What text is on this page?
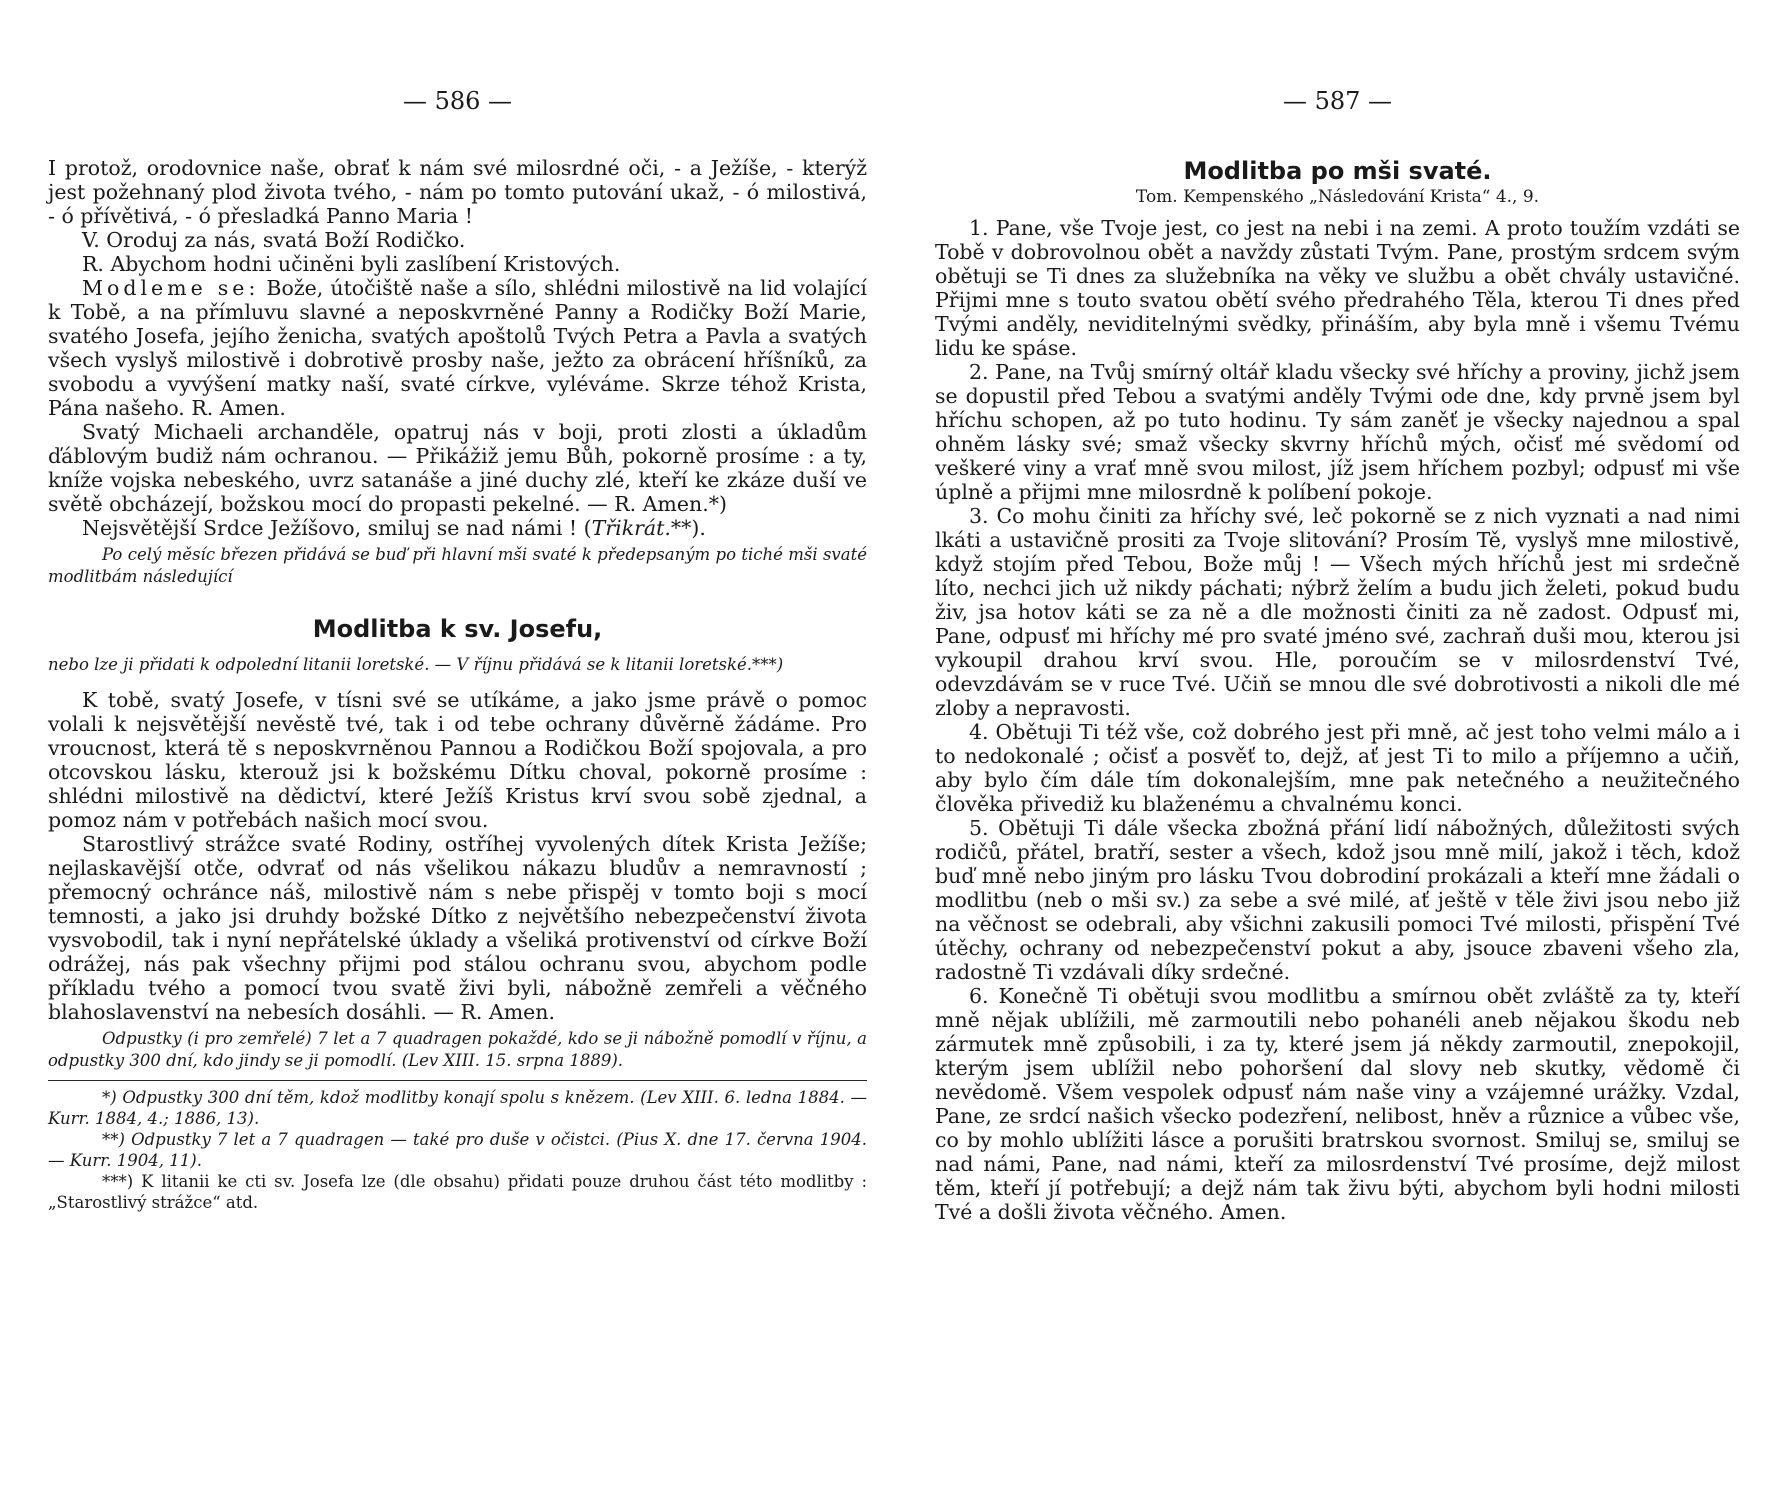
— 586 —

I protož, orodovnice naše, obrať k nám své milosrdné oči, - a Ježíše, - kterýž jest požehnaný plod života tvého, - nám po tomto putování ukaž, - ó milostivá, - ó přívětivá, - ó přesladká Panno Maria !

V. Oroduj za nás, svatá Boží Rodičko.

R. Abychom hodni učiněni byli zaslíbení Kristových.

Modleme se: Bože, útočiště naše a sílo, shlédni milostivě na lid volající k Tobě, a na přímluvu slavné a neposkvrněné Panny a Rodičky Boží Marie, svatého Josefa, jejího ženicha, svatých apoštolů Tvých Petra a Pavla a svatých všech vyslyš milostivě i dobrotivě prosby naše, ježto za obrácení hříšníků, za svobodu a vyvýšení matky naší, svaté církve, vyléváme. Skrze téhož Krista, Pána našeho. R. Amen.

Svatý Michaeli archanděle, opatruj nás v boji, proti zlosti a úkladům ďáblovým budiž nám ochranou. — Přikážiž jemu Bůh, pokorně prosíme : a ty, kníže vojska nebeského, uvrz satanáše a jiné duchy zlé, kteří ke zkáze duší ve světě obcházejí, božskou mocí do propasti pekelné. — R. Amen.*)

Nejsvětější Srdce Ježíšovo, smiluj se nad námi ! (Třikrát.**).

Po celý měsíc březen přidává se buď při hlavní mši svaté k předepsaným po tiché mši svaté modlitbám následující

Modlitba k sv. Josefu,

nebo lze ji přidati k odpolední litanii loretské. — V říjnu přidává se k litanii loretské.***)

K tobě, svatý Josefe, v tísni své se utíkáme, a jako jsme právě o pomoc volali k nejsvětější nevěstě tvé, tak i od tebe ochrany důvěrně žádáme. Pro vroucnost, která tě s neposkvrněnou Pannou a Rodičkou Boží spojovala, a pro otcovskou lásku, kterouž jsi k božskému Dítku choval, pokorně prosíme : shlédni milostivě na dědictví, které Ježíš Kristus krví svou sobě zjednal, a pomoz nám v potřebách našich mocí svou.

Starostlivý strážce svaté Rodiny, ostříhej vyvolených dítek Krista Ježíše; nejlaskavější otče, odvrať od nás všelikou nákazu bludův a nemravností ; přemocný ochránce náš, milostivě nám s nebe přispěj v tomto boji s mocí temnosti, a jako jsi druhdy božské Dítko z největšího nebezpečenství života vysvobodil, tak i nyní nepřátelské úklady a všeliká protivenství od církve Boží odrážej, nás pak všechny přijmi pod stálou ochranu svou, abychom podle příkladu tvého a pomocí tvou svatě živi byli, nábožně zemřeli a věčného blahoslavenství na nebesích dosáhli. — R. Amen.

Odpustky (i pro zemřelé) 7 let a 7 quadragen pokaždé, kdo se ji nábožně pomodlí v říjnu, a odpustky 300 dní, kdo jindy se ji pomodlí. (Lev XIII. 15. srpna 1889).

*) Odpustky 300 dní těm, kdož modlitby konají spolu s knězem. (Lev XIII. 6. ledna 1884. — Kurr. 1884, 4.; 1886, 13).

**) Odpustky 7 let a 7 quadragen — také pro duše v očistci. (Pius X. dne 17. června 1904. — Kurr. 1904, 11).

***) K litanii ke cti sv. Josefa lze (dle obsahu) přidati pouze druhou část této modlitby : „Starostlivý strážce“ atd.

— 587 —

Modlitba po mši svaté.

Tom. Kempenského „Následování Krista“ 4., 9.

1. Pane, vše Tvoje jest, co jest na nebi i na zemi. A proto toužím vzdáti se Tobě v dobrovolnou obět a navždy zůstati Tvým. Pane, prostým srdcem svým obětuji se Ti dnes za služebníka na věky ve službu a obět chvály ustavičné. Přijmi mne s touto svatou obětí svého předrahého Těla, kterou Ti dnes před Tvými anděly, neviditelnými svědky, přináším, aby byla mně i všemu Tvému lidu ke spáse.

2. Pane, na Tvůj smírný oltář kladu všecky své hříchy a proviny, jichž jsem se dopustil před Tebou a svatými anděly Tvými ode dne, kdy prvně jsem byl hříchu schopen, až po tuto hodinu. Ty sám zaněť je všecky najednou a spal ohněm lásky své; smaž všecky skvrny hříchů mých, očisť mé svědomí od veškeré viny a vrať mně svou milost, jíž jsem hříchem pozbyl; odpusť mi vše úplně a přijmi mne milosrdně k políbení pokoje.

3. Co mohu činiti za hříchy své, leč pokorně se z nich vyznati a nad nimi lkáti a ustavičně prositi za Tvoje slitování? Prosím Tě, vyslyš mne milostivě, když stojím před Tebou, Bože můj ! — Všech mých hříchů jest mi srdečně líto, nechci jich už nikdy páchati; nýbrž želím a budu jich želeti, pokud budu živ, jsa hotov káti se za ně a dle možnosti činiti za ně zadost. Odpusť mi, Pane, odpusť mi hříchy mé pro svaté jméno své, zachraň duši mou, kterou jsi vykoupil drahou krví svou. Hle, poroučím se v milosrdenství Tvé, odevzdávám se v ruce Tvé. Učiň se mnou dle své dobrotivosti a nikoli dle mé zloby a nepravosti.

4. Obětuji Ti též vše, což dobrého jest při mně, ač jest toho velmi málo a i to nedokonalé ; očisť a posvěť to, dejž, ať jest Ti to milo a příjemno a učiň, aby bylo čím dále tím dokonalejším, mne pak netečného a neužitečného člověka přivediž ku blaženému a chvalnému konci.

5. Obětuji Ti dále všecka zbožná přání lidí nábožných, důležitosti svých rodičů, přátel, bratří, sester a všech, kdož jsou mně milí, jakož i těch, kdož buď mně nebo jiným pro lásku Tvou dobrodiní prokázali a kteří mne žádali o modlitbu (neb o mši sv.) za sebe a své milé, ať ještě v těle živi jsou nebo již na věčnost se odebrali, aby všichni zakusili pomoci Tvé milosti, přispění Tvé útěchy, ochrany od nebezpečenství pokut a aby, jsouce zbaveni všeho zla, radostně Ti vzdávali díky srdečné.

6. Konečně Ti obětuji svou modlitbu a smírnou obět zvláště za ty, kteří mně nějak ublížili, mě zarmoutili nebo pohanéli aneb nějakou škodu neb zármutek mně způsobili, i za ty, které jsem já někdy zarmoutil, znepokojil, kterým jsem ublížil nebo pohoršení dal slovy neb skutky, vědomě či nevědomě. Všem vespolek odpusť nám naše viny a vzájemné urážky. Vzdal, Pane, ze srdcí našich všecko podezření, nelibost, hněv a různice a vůbec vše, co by mohlo ublížiti lásce a porušiti bratrskou svornost. Smiluj se, smiluj se nad námi, Pane, nad námi, kteří za milosrdenství Tvé prosíme, dejž milost těm, kteří jí potřebují; a dejž nám tak živu býti, abychom byli hodni milosti Tvé a došli života věčného. Amen.
